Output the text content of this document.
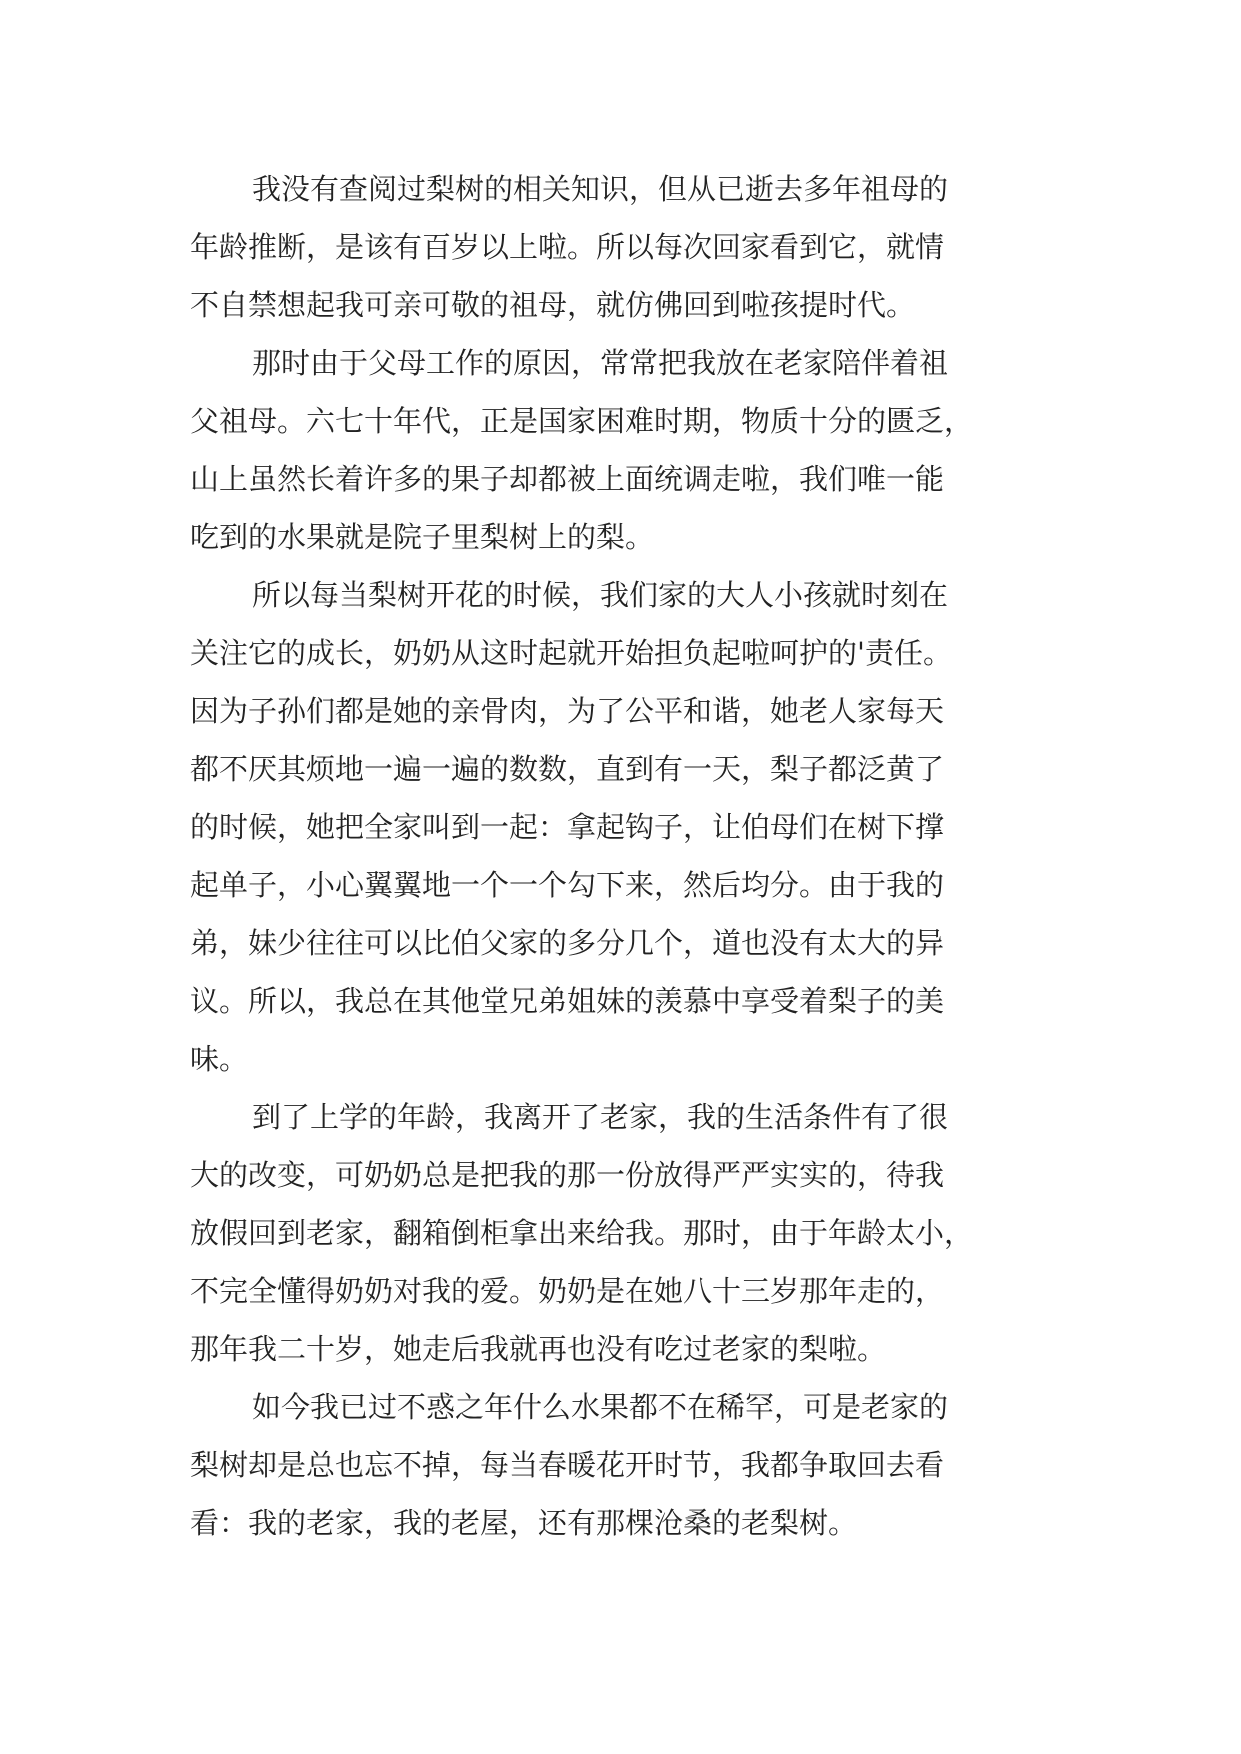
我没有查阅过梨树的相关知识，但从已逝去多年祖母的
年龄推断，是该有百岁以上啦。所以每次回家看到它，就情
不自禁想起我可亲可敬的祖母，就仿佛回到啦孩提时代。
那时由于父母工作的原因，常常把我放在老家陪伴着祖
父祖母。六七十年代，正是国家困难时期，物质十分的匮乏，
山上虽然长着许多的果子却都被上面统调走啦，我们唯一能
吃到的水果就是院子里梨树上的梨。
所以每当梨树开花的时候，我们家的大人小孩就时刻在
关注它的成长，奶奶从这时起就开始担负起啦呵护的'责任。
因为子孙们都是她的亲骨肉，为了公平和谐，她老人家每天
都不厌其烦地一遍一遍的数数，直到有一天，梨子都泛黄了
的时候，她把全家叫到一起：拿起钩子，让伯母们在树下撑
起单子，小心翼翼地一个一个勾下来，然后均分。由于我的
弟，妹少往往可以比伯父家的多分几个，道也没有太大的异
议。所以，我总在其他堂兄弟姐妹的羡慕中享受着梨子的美
味。
到了上学的年龄，我离开了老家，我的生活条件有了很
大的改变，可奶奶总是把我的那一份放得严严实实的，待我
放假回到老家，翻箱倒柜拿出来给我。那时，由于年龄太小，
不完全懂得奶奶对我的爱。奶奶是在她八十三岁那年走的，
那年我二十岁，她走后我就再也没有吃过老家的梨啦。
如今我已过不惑之年什么水果都不在稀罕，可是老家的
梨树却是总也忘不掉，每当春暖花开时节，我都争取回去看
看：我的老家，我的老屋，还有那棵沧桑的老梨树。
